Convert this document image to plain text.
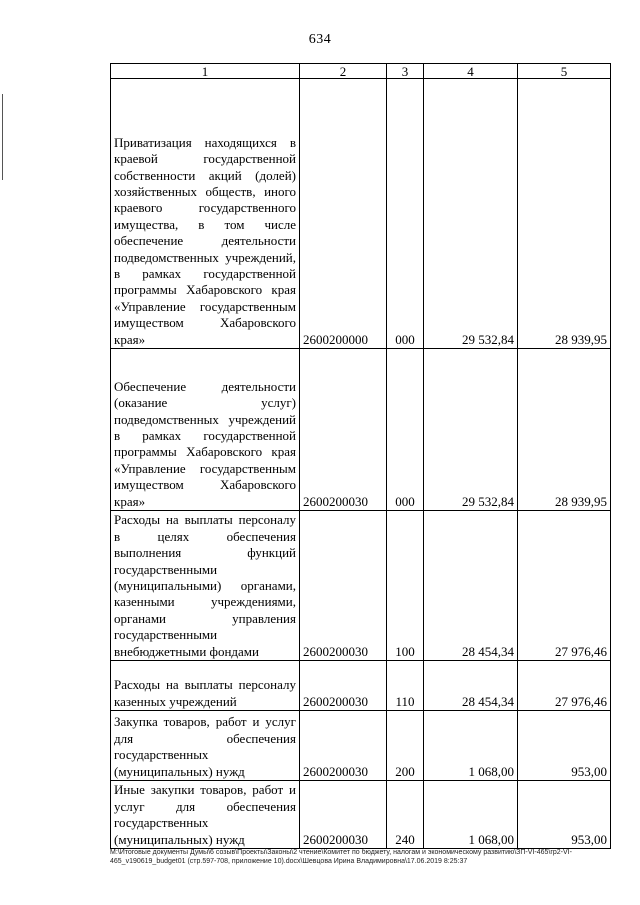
634
1	2	3	4	5
Приватизация находящихся в краевой государственной собственности акций (долей) хозяйственных обществ, иного краевого государственного имущества, в том числе обеспечение деятельности подведомственных учреждений, в рамках государственной программы Хабаровского края «Управление государственным имуществом Хабаровского края»	2600200000	000	29 532,84	28 939,95
Обеспечение деятельности (оказание услуг) подведомственных учреждений в рамках государственной программы Хабаровского края «Управление государственным имуществом Хабаровского края»	2600200030	000	29 532,84	28 939,95
Расходы на выплаты персоналу в целях обеспечения выполнения функций государственными (муниципальными) органами, казенными учреждениями, органами управления государственными внебюджетными фондами	2600200030	100	28 454,34	27 976,46
Расходы на выплаты персоналу казенных учреждений	2600200030	110	28 454,34	27 976,46
Закупка товаров, работ и услуг для обеспечения государственных (муниципальных) нужд	2600200030	200	1 068,00	953,00
Иные закупки товаров, работ и услуг для обеспечения государственных (муниципальных) нужд	2600200030	240	1 068,00	953,00
М:\Итоговые документы Думы\6 созыв\Проекты\Законы\2 чтение\Комитет по бюджету, налогам и экономическому развитию\ЗП-VI-465\гр2-VI-465_v190619_budget01 (стр.597-708, приложение 10).docx\Шевцова Ирина Владимировна\17.06.2019 8:25:37
